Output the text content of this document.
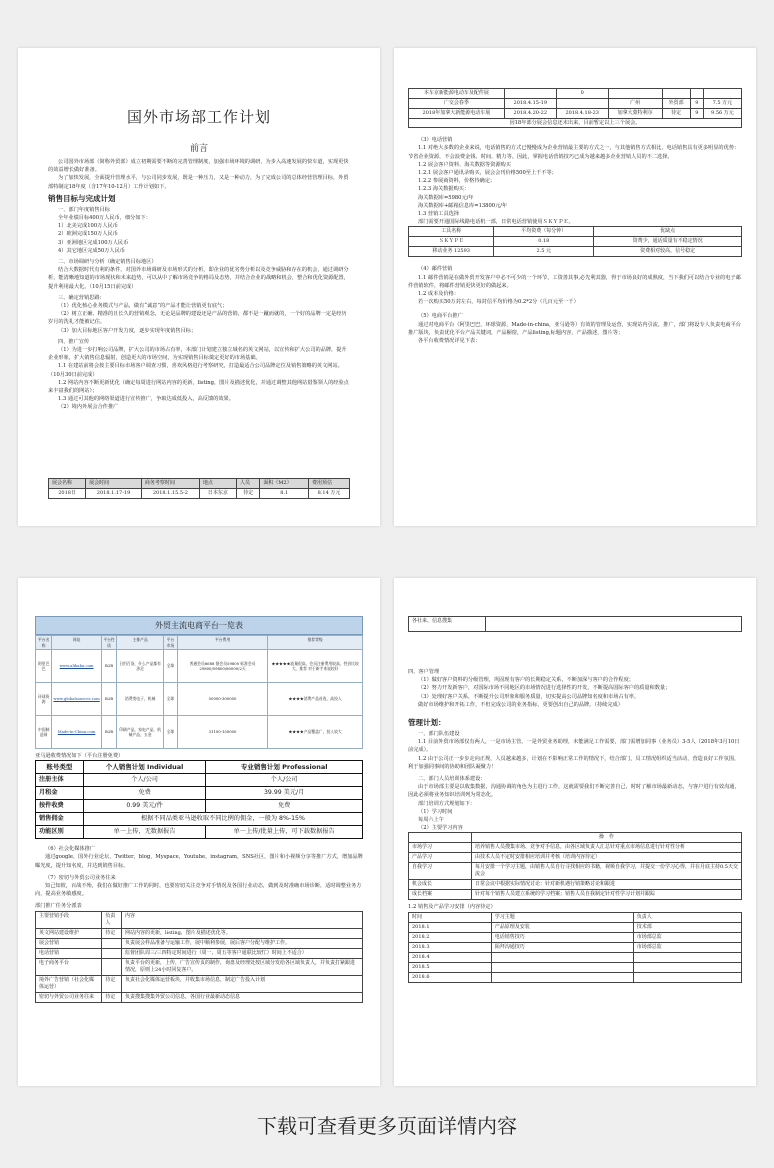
国外市场部工作计划

前言

公司国外市场部（简称外贸部）成立初期需要不断的完善管理制度，加强市场环境的调研，为步入高速发展的快车道，实现更快的效益增长做好准备。

为了加快发展，全面提升管理水平，与公司同步发展，既是一种压力，又是一种动力，为了完成公司的总体经营管理目标，外贸部特制定18年度（含17年10-12月）工作计划如下。

销售目标与完成计划

一、部门年度销售目标

全年业绩目标400万人民币，细分如下：

1）北美完成100万人民币

2）欧洲完成150万人民币

3）亚洲地区完成100万人民币

4）其它地区完成50万人民币

二、市场调研与分析（确定销售目标地区）

结合大数据时代有利的条件，对国外市场调研及市场形式的分析，即企业的优劣势分析以及竞争威胁和存在的机会，通过调研分析，能清晰地知道的市场现状和未来趋势，可以从中了解市场竞争的格局及态势，并结合企业的战略和机会，整合和优化资源配置，提升利用最大化。（10月15日前完成）

三、确定营销思路：

（1）优化核心业务模式与产品，做有“诚意”的产品才能让营销更有底气；

（2）树立正确、精准的且长久的营销观念，无论是品牌的建设还是产品的营销，都不是一蹴而就的，一个好的品牌一定是经历岁月的洗礼才能被记住。

（3）加大目标地区客户开发力度，逐步实现年度销售目标；

四、推广宣传

（1）为进一步打响公司品牌，扩大公司的市场占有率，本部门计划建立独立域名的英文网站，以宣传和扩大公司的品牌，提升企业形象，扩大销售信息辐射，创造更大的市场空间，为实现销售目标奠定更好的市场基础。

1.1 在建站前将会按主要目标市场客户调查习惯，喜欢风格进行考察研究，打造最适合公司品牌定位及销售策略的英文网站。（10月30日前完成）

1.2 网站内容不断更新优化（确定每周进行网站内容的更新，listing，图片及描述优化，并通过调整其他网站借鉴领人的经验点来丰富我们的网站）；

1.3 通过可其他的网络渠道进行宣传推广，争取达成低投入，高反馈的效果。

（2）境内外展会合作推广

展会名称	展会时间	商务考察时间	地点	人员	面积（M2）	费用预估
2018日	2018.1.17-19	2018.1.15.5-2	日本东京	待定	8.1	8.14 万元
本车京新能源电动车及配件展		0				
广交会春季	2018.4.15-19		广州	外贸部	9	7.5 万元
2018年加拿大新能源电动车展	2018.4.20-22	2018.4.18-23	加拿大蒙特利尔	待定	9	9.56 万元
因18年部分展会信息还未出来，目前暂定以上三个展会。

（3）电话营销

1.1 对绝大多数的企业来说，电话销售的方式已慢慢成为企业营销最主要的方式之一，与其他销售方式相比，电话销售具有更多明显的优势：节省企业资源，不会浪费金钱、时间、精力等。因此，掌握电话营销技巧已成为越来越多企业营销人员的不二选择。

1.2 展会客户资料、海关数据等资源购买

1.2.1 展会客户通讯录购买，展会会刊价格500至上千不等；

1.2.2 参展商资料，价格待确定；

1.2.3 海关数据购买：

海关数据库=5980元/年

海关数据库+邮箱信息库=13800元/年

1.3 营销工具选择

部门需要开通国际线路电话机一部，日常电话营销使用ＳＫＹＰＥ。

工具名称	平均资费（每分钟）	优缺点
ＳＫＹＰＥ	0.18	资费少，通话质量有不稳定情况
移动业务 12593	2.5 元	资费相对较高，信号稳定

（4）邮件营销

1.1 邮件营销是在做外贸开发客户中必不可少的一个环节，工资善其事,必先利其器，得于市场良好的成熟度，当下我们可以结合专业的电子邮件营销软件，将邮件营销更快更好的做起来。

1.2 成本及价格：

若一次购买50万封左右，每封信平均价格为0.2*2分（几百元至一千）

（5）电商平台推广

通过对电商平台（阿里巴巴，环球资源，Made-in-china，亚马逊等）有效的管理及运营，实现站内引流，推广，部门将设专人负责电商平台推广版块，负责优化平台产品关键词，产品橱窗，产品listing,标题内容，产品描述，图片等；

各平台收费情况详见下表：

外贸主流电商平台一览表
平台名称	网址	平台性质	主推产品	平台市场	平台费用	推荐等级
阿里巴巴	www.alibaba.com	B2B	日用百货，什么产品都有涉足	全球	普通会员6688 银会员59800 标准会员 29800/59800/80000/2天	★★★★★流量很高，会员注册费用较高，性价比较大，推荐 对于新手来说较好
环球资源	www.globalsources.com	B2B	消费类电子，机械	全球	50000-300000	★★★★消费产品首选，高投入
中国制造网	Made-in-China.com	B2B	印刷产品，家电产品，机械产品，五金	全球	31100-150000	★★★★产品覆盖广，投入较大

亚马逊收费情况如下（平台注册免费）

账号类型	个人销售计划 Individual	专业销售计划 Professional
注册主体	个人/公司	个人/公司
月租金	免费	39.99 美元/月
按件收费	0.99 美元/件	免费
销售佣金	根据不同品类亚马逊收取不同比例的佣金，一般为 8%-15%	
功能区别	单一上传，无数据报告	单一上传/批量上传，可下载数据报告

（6）社会化媒体推广

通过google，国外行业论坛，Twitter，blog，Myspace，Youtube，instagram，SNS社区，图片和小视频分享等推广方式，增加品牌曝光度，提升知名度，并达到销售目标。

（7）密切与外贸公司业务往来

知己知彼，百战不殆，我们在做好推广工作的同时，也要密切关注竞争对手情况及各国行业动态，做到及时准确市场诊断，适时调整业务方向，提高业务敏感度。

部门推广任务分派表

主要营销手段	负责人	内容
英文网站建设维护	待定	网站内容的更新，listing，图片及描述优化等。
展会营销		负责展会样品准备与运输工作，展中顺利参展，展后客户分配与维护工作。
电话营销		监督团队周三/三四特定时间进行（周一、周五等客户通联比较忙）时间上不适合）
电子商务平台		负责平台的更新，上传，广告宣传页的制作，询盘及经理处按区域分发给各区域负责人，并负责打紧跟进情况，原则上24小时回复客户。
境外广告营销（社会化媒体运营）	待定	负责社会化媒体运营板块，并收集市场信息，制定广告投入计划
密切与外贸公司业务往来	待定	负责搜集搜集外贸公司信息，各国行业最新动态信息
各社来、信息搜集	

四、客户管理

（1）做好客户资料的分级管理，巩固现有客户的长期稳定关系，不断加深与客户的合作程度；

（2）努力开发新客户，对国际市场不同地区的市场情况进行选择性的开发，不断提高国际客户的质量和数量；

（3）处理好客户关系，不断提升公司形象和服务质量，切实提高公司品牌知名度和市场占有率。

做好市场维护和开拓工作，不但完成公司的业务指标，更要创出自己的品牌。（持续完成）

管理计划：

一、部门队伍建设

1.1 目前外贸市场部仅有两人，一是市场主管，一是外贸业务助理，未能满足工作需要，部门需增加同事（业务员）3-5人（2018年3月10日前完成）。

1.2 由于公司正一步步走向正规，人员越来越多，计划在不影响正常工作的情况下，结合部门，员工情况组织适当活动，营造良好工作氛围，利于加强同事间的协助和团队凝聚力！

二、部门人员培训体系建设：

由于市场部主要是以收集数据，沟通协调的角色为主进行工作，这就需要我们不断完善自己，时时了解市场最新动态，与客户进行有效沟通，因此必须将业务知识培训列为常态化。

部门培训方式规划如下：

（1）学习时间

每周六上午

（2）主要学习内容

	操　作
市场学习	培养销售人员搜集市场、竞争对手信息，由各区域负责人汇总针对重点市场信息进行针对性分析
产品学习	由技术人员不定时安排相应培训并考核（培训内容待定）
自我学习	每月安排一个学习主题，由销售人员自行寻找相应的书籍，视频自我学习，并提交一份学习心得，并在月底主持0.5天交流会
机会成长	日常会议中根据实际情况讨论：针对新机遇行销策略讨论和跟进
成长档案	针对每个销售人员建立系统的学习档案；销售人员自我制定针对性学习计划并跟踪

1.2 销售及产品学习安排（内容待定）

时间	学习主题	负责人
2018.1	产品原理及安装	技术部
2018.2	电话销售技巧	市场部总监
2018.3	陌拜沟通技巧	市场部总监
2018.4		
2018.5		
2018.6		
下载可查看更多页面详情内容
